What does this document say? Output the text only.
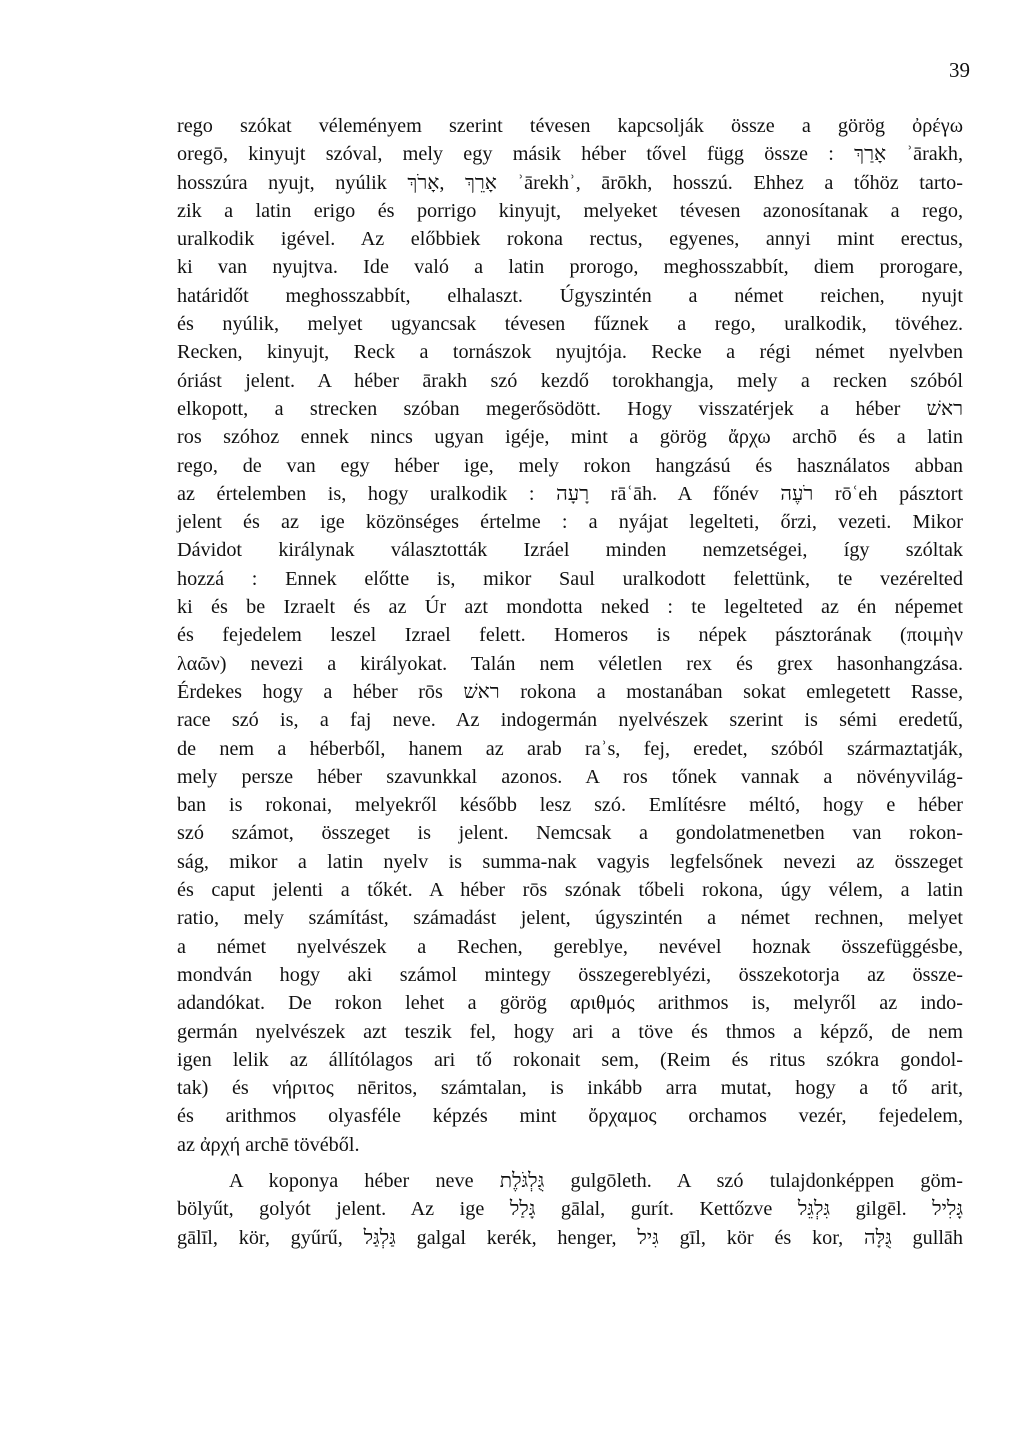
39
rego szókat véleményem szerint tévesen kapcsolják össze a görög ὀρέγω
oregō, kinyujt szóval, mely egy másik héber tővel függ össze : אָרַךְ ʾārakh,
hosszúra nyujt, nyúlik אָרֵךְ ,אָרֹךְ ʾārekhʾ, ārōkh, hosszú. Ehhez a tőhöz tarto-
zik a latin erigo és porrigo kinyujt, melyeket tévesen azonosítanak a rego,
uralkodik igével. Az előbbiek rokona rectus, egyenes, annyi mint erectus,
ki van nyujtva. Ide való a latin prorogo, meghosszabbít, diem prorogare,
határidőt meghosszabbít, elhalaszt. Úgyszintén a német reichen, nyujt
és nyúlik, melyet ugyancsak tévesen fűznek a rego, uralkodik, tövéhez.
Recken, kinyujt, Reck a tornászok nyujtója. Recke a régi német nyelvben
óriást jelent. A héber ārakh szó kezdő torokhangja, mely a recken szóból
elkopott, a strecken szóban megerősödött. Hogy visszatérjek a héber ראשׁ
ros szóhoz ennek nincs ugyan igéje, mint a görög ἄρχω archō és a latin
rego, de van egy héber ige, mely rokon hangzású és használatos abban
az értelemben is, hogy uralkodik : רָעָה rāʿāh. A főnév רֹעֶה rōʿeh pásztort
jelent és az ige közönséges értelme : a nyájat legelteti, őrzi, vezeti. Mikor
Dávidot királynak választották Izráel minden nemzetségei, így szóltak
hozzá : Ennek előtte is, mikor Saul uralkodott felettünk, te vezérelted
ki és be Izraelt és az Úr azt mondotta neked : te legelteted az én népemet
és fejedelem leszel Izrael felett. Homeros is népek pásztorának (ποιμὴν
λαῶν) nevezi a királyokat. Talán nem véletlen rex és grex hasonhangzása.
Érdekes hogy a héber rōs ראשׁ rokona a mostanában sokat emlegetett Rasse,
race szó is, a faj neve. Az indogermán nyelvészek szerint is sémi eredetű,
de nem a héberből, hanem az arab raʾs, fej, eredet, szóból származtatják,
mely persze héber szavunkkal azonos. A ros tőnek vannak a növényvilág-
ban is rokonai, melyekről később lesz szó. Említésre méltó, hogy e héber
szó számot, összeget is jelent. Nemcsak a gondolatmenetben van rokon-
ság, mikor a latin nyelv is summa-nak vagyis legfelsőnek nevezi az összeget
és caput jelenti a tőkét. A héber rōs szónak tőbeli rokona, úgy vélem, a latin
ratio, mely számítást, számadást jelent, úgyszintén a német rechnen, melyet
a német nyelvészek a Rechen, gereblye, nevével hoznak összefüggésbe,
mondván hogy aki számol mintegy összegereblyézi, összekotorja az össze-
adandókat. De rokon lehet a görög αριθμός arithmos is, melyről az indo-
germán nyelvészek azt teszik fel, hogy ari a töve és thmos a képző, de nem
igen lelik az állítólagos ari tő rokonait sem, (Reim és ritus szókra gondol-
tak) és νήριτος nēritos, számtalan, is inkább arra mutat, hogy a tő arit,
és arithmos olyasféle képzés mint ὄρχαμος orchamos vezér, fejedelem,
az ἀρχή archē tövéből.
A koponya héber neve גֻּלְגֹּלֶת gulgōleth. A szó tulajdonképpen göm-
bölyűt, golyót jelent. Az ige גָּלַל gālal, gurít. Kettőzve גִּלְגֵּל gilgēl. גָּלִיל
gālīl, kör, gyűrű, גַּלְגַּל galgal kerék, henger, גִּיל gīl, kör és kor, גֻּלָּה gullāh
